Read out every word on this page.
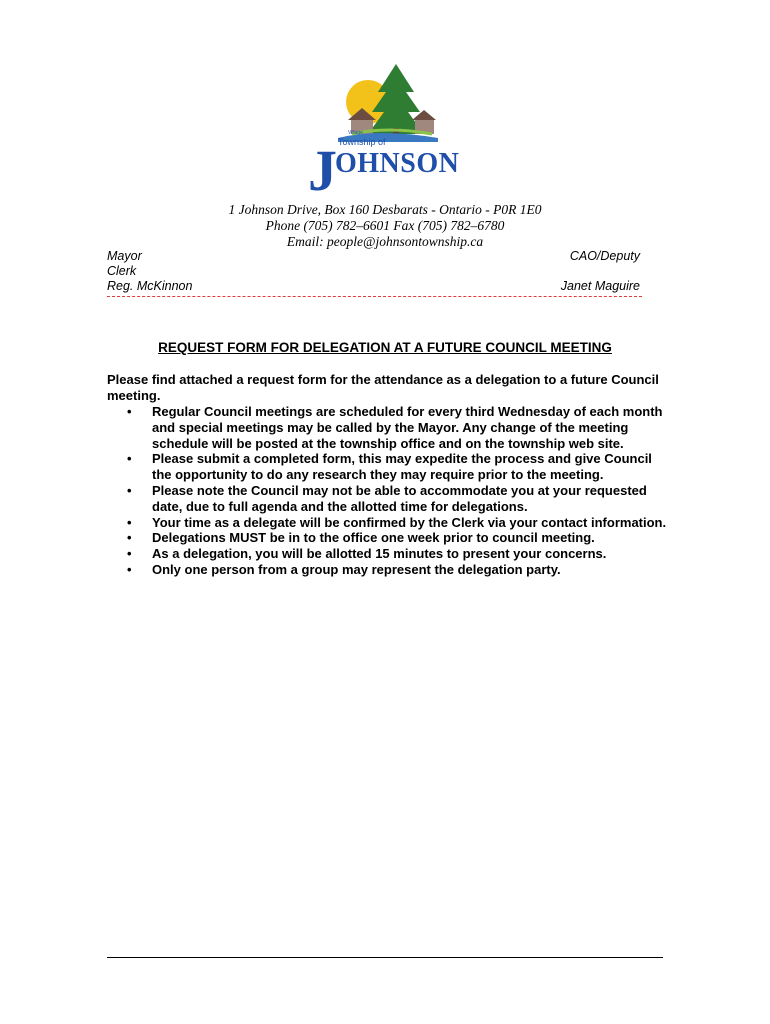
Village
Township of
JOHNSON
1 Johnson Drive, Box 160 Desbarats - Ontario - P0R 1E0
Phone (705) 782–6601 Fax (705) 782–6780
Email: people@johnsontownship.ca
Mayor
Clerk
Reg. McKinnon
CAO/Deputy
Janet Maguire
REQUEST FORM FOR DELEGATION AT A FUTURE COUNCIL MEETING
Please find attached a request form for the attendance as a delegation to a future Council meeting.
• Regular Council meetings are scheduled for every third Wednesday of each month and special meetings may be called by the Mayor. Any change of the meeting schedule will be posted at the township office and on the township web site.
• Please submit a completed form, this may expedite the process and give Council the opportunity to do any research they may require prior to the meeting.
• Please note the Council may not be able to accommodate you at your requested date, due to full agenda and the allotted time for delegations.
• Your time as a delegate will be confirmed by the Clerk via your contact information.
• Delegations MUST be in to the office one week prior to council meeting.
• As a delegation, you will be allotted 15 minutes to present your concerns.
• Only one person from a group may represent the delegation party.
